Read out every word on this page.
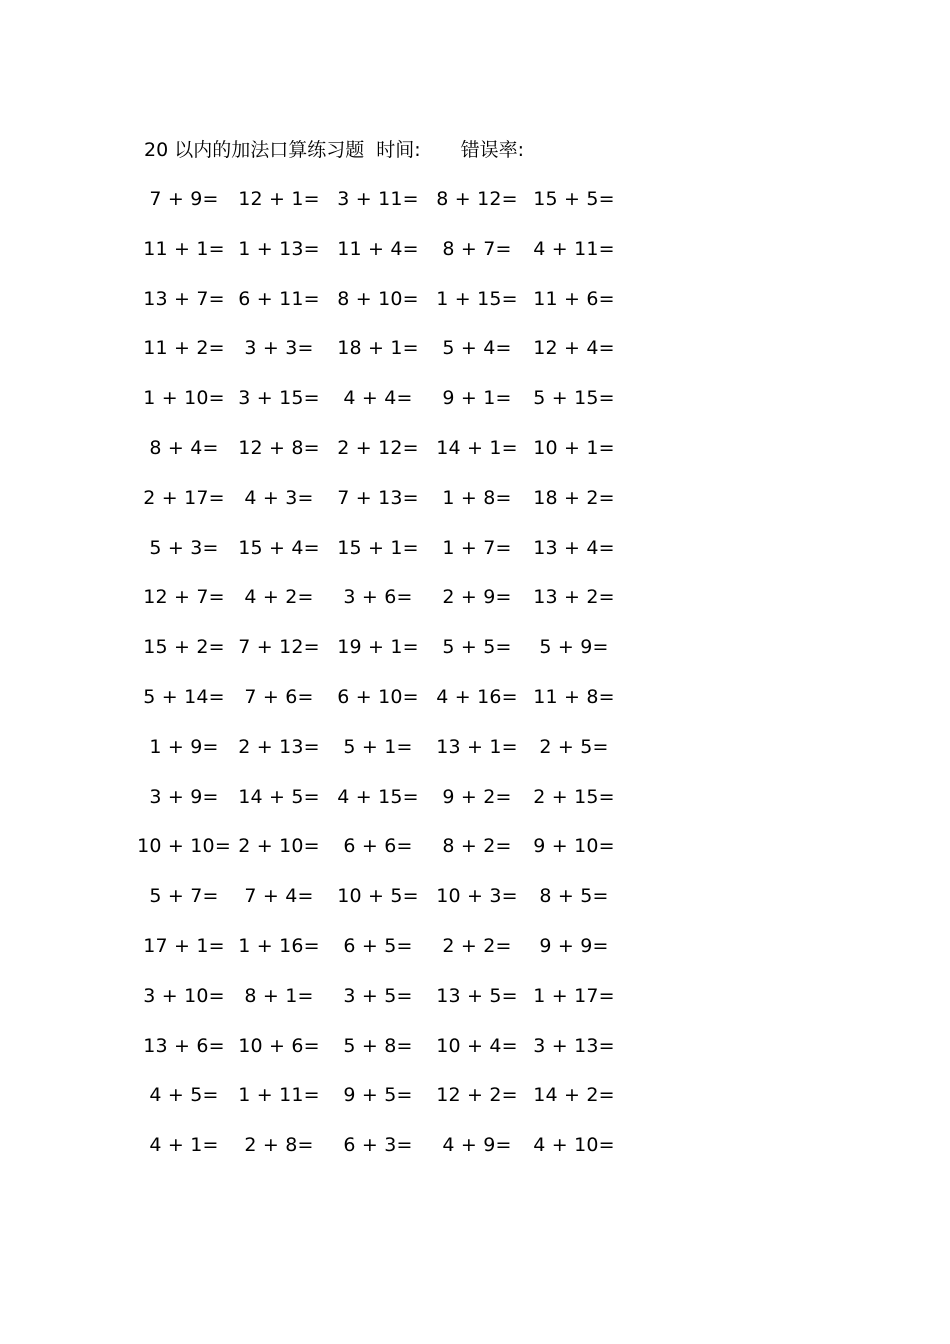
20 以内的加法口算练习题 时间: 错误率:
7 + 9=	12 + 1= 3 + 11= 8 + 12= 15 + 5=
11 + 1= 1 + 13= 11 + 4=	8 + 7=	4 + 11=
13 + 7= 6 + 11= 8 + 10= 1 + 15= 11 + 6=
11 + 2=	3 + 3=	18 + 1=	5 + 4=	12 + 4=
1 + 10= 3 + 15=	4 + 4=	9 + 1=	5 + 15=
8 + 4=	12 + 8= 2 + 12= 14 + 1= 10 + 1=
2 + 17=	4 + 3=	7 + 13=	1 + 8=	18 + 2=
5 + 3=	15 + 4= 15 + 1=	1 + 7=	13 + 4=
12 + 7=	4 + 2=	3 + 6=	2 + 9=	13 + 2=
15 + 2= 7 + 12= 19 + 1=	5 + 5=	5 + 9=
5 + 14=	7 + 6=	6 + 10= 4 + 16= 11 + 8=
1 + 9=	2 + 13=	5 + 1=	13 + 1=	2 + 5=
3 + 9=	14 + 5= 4 + 15=	9 + 2=	2 + 15=
10 + 10= 2 + 10=	6 + 6=	8 + 2=	9 + 10=
5 + 7=	7 + 4=	10 + 5= 10 + 3=	8 + 5=
17 + 1= 1 + 16=	6 + 5=	2 + 2=	9 + 9=
3 + 10=	8 + 1=	3 + 5=	13 + 5= 1 + 17=
13 + 6= 10 + 6=	5 + 8=	10 + 4= 3 + 13=
4 + 5=	1 + 11=	9 + 5=	12 + 2= 14 + 2=
4 + 1=	2 + 8=	6 + 3=	4 + 9=	4 + 10=
